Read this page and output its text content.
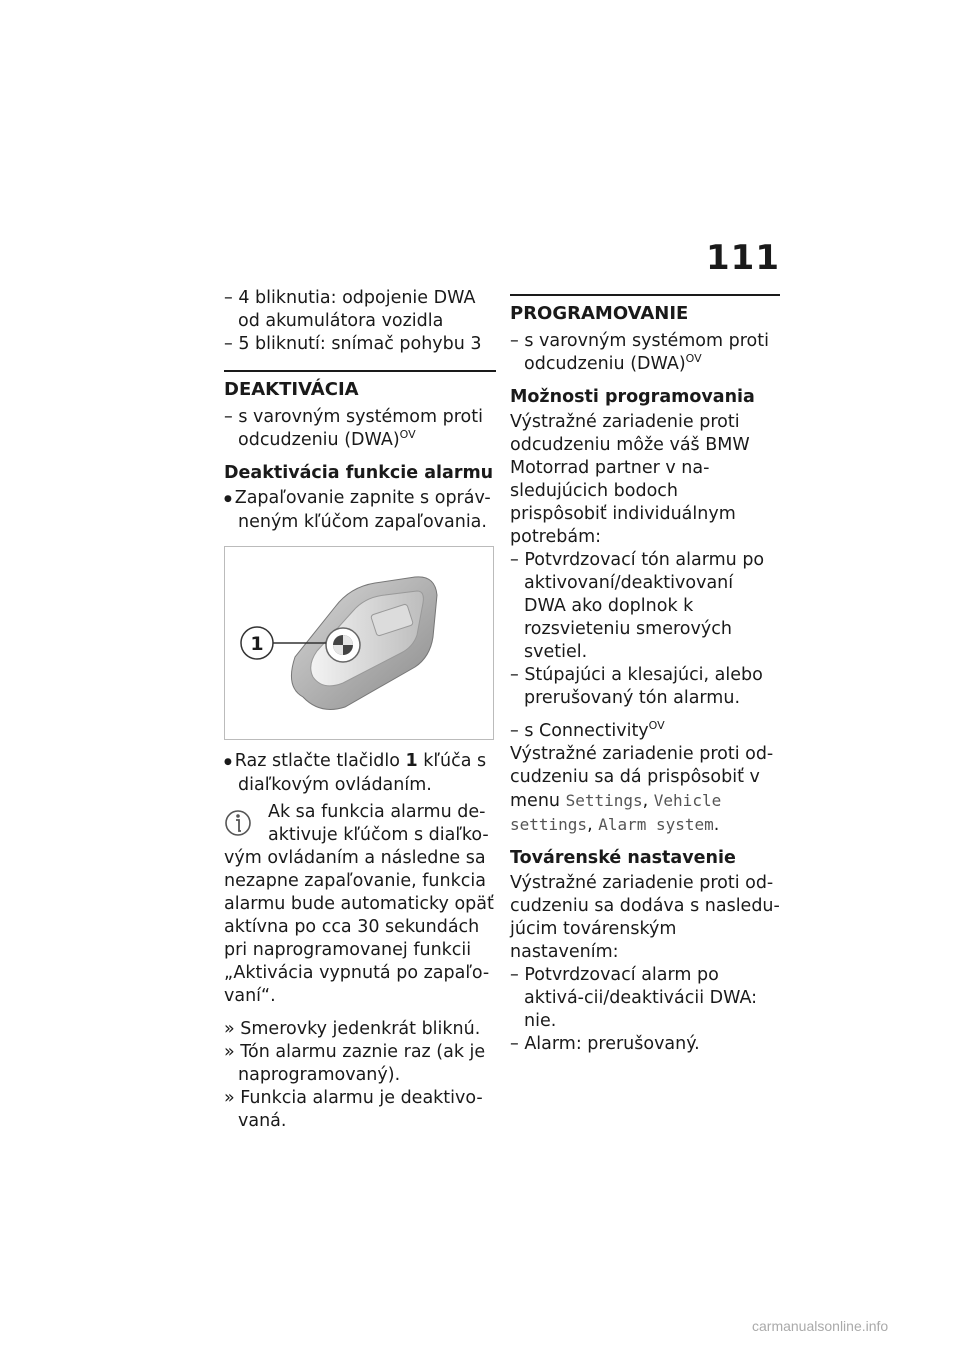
111

– 4 bliknutia: odpojenie DWA od akumulátora vozidla

– 5 bliknutí: snímač pohybu 3

DEAKTIVÁCIA

– s varovným systémom proti odcudzeniu (DWA)$^{OV}$

Deaktivácia funkcie alarmu

● Zapaľovanie zapnite s opráv-neným kľúčom zapaľovania.

1

● Raz stlačte tlačidlo 1 kľúča s diaľkovým ovládaním.

Ak sa funkcia alarmu de-

aktivuje kľúčom s diaľko-

vým ovládaním a následne sa nezapne zapaľovanie, funkcia alarmu bude automaticky opäť aktívna po cca 30 sekundách pri naprogramovanej funkcii „Aktivácia vypnutá po zapaľo-vaní“.

» Smerovky jedenkrát bliknú.

» Tón alarmu zaznie raz (ak je naprogramovaný).

» Funkcia alarmu je deaktivo-vaná.

PROGRAMOVANIE

– s varovným systémom proti odcudzeniu (DWA)$^{OV}$

Možnosti programovania

Výstražné zariadenie proti odcudzeniu môže váš BMW Motorrad partner v na-sledujúcich bodoch prispôsobiť individuálnym potrebám:

– Potvrdzovací tón alarmu po aktivovaní/deaktivovaní DWA ako doplnok k rozsvieteniu smerových svetiel.

– Stúpajúci a klesajúci, alebo prerušovaný tón alarmu.

– s Connectivity$^{OV}$

Výstražné zariadenie proti od-cudzeniu sa dá prispôsobiť v menu Settings, Vehicle settings, Alarm system.

Továrenské nastavenie

Výstražné zariadenie proti od-cudzeniu sa dodáva s nasledu-júcim továrenským nastavením:

– Potvrdzovací alarm po aktivá-cii/deaktivácii DWA: nie.

– Alarm: prerušovaný.

carmanualsonline.info
